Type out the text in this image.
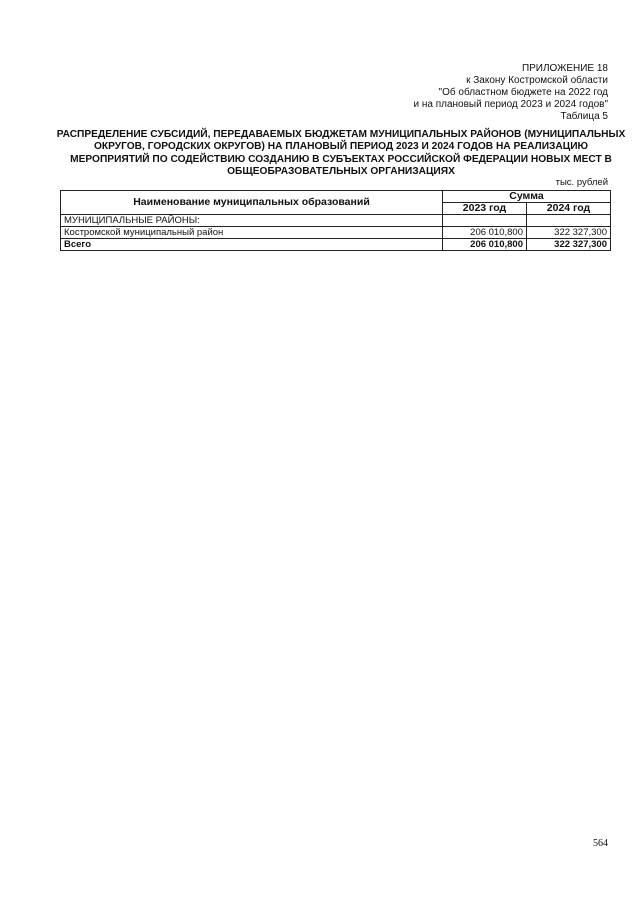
ПРИЛОЖЕНИЕ 18
к Закону Костромской области
"Об областном бюджете на 2022 год
и на плановый период 2023 и 2024 годов"
Таблица 5
РАСПРЕДЕЛЕНИЕ СУБСИДИЙ, ПЕРЕДАВАЕМЫХ БЮДЖЕТАМ МУНИЦИПАЛЬНЫХ РАЙОНОВ (МУНИЦИПАЛЬНЫХ
ОКРУГОВ, ГОРОДСКИХ ОКРУГОВ) НА ПЛАНОВЫЙ ПЕРИОД 2023 И 2024 ГОДОВ НА РЕАЛИЗАЦИЮ
МЕРОПРИЯТИЙ ПО СОДЕЙСТВИЮ СОЗДАНИЮ В СУБЪЕКТАХ РОССИЙСКОЙ ФЕДЕРАЦИИ НОВЫХ МЕСТ В
ОБЩЕОБРАЗОВАТЕЛЬНЫХ ОРГАНИЗАЦИЯХ
тыс. рублей
Наименование муниципальных образований	Сумма	
	2023 год	2024 год
МУНИЦИПАЛЬНЫЕ РАЙОНЫ:		
Костромской муниципальный район	206 010,800	322 327,300
Всего	206 010,800	322 327,300
564
